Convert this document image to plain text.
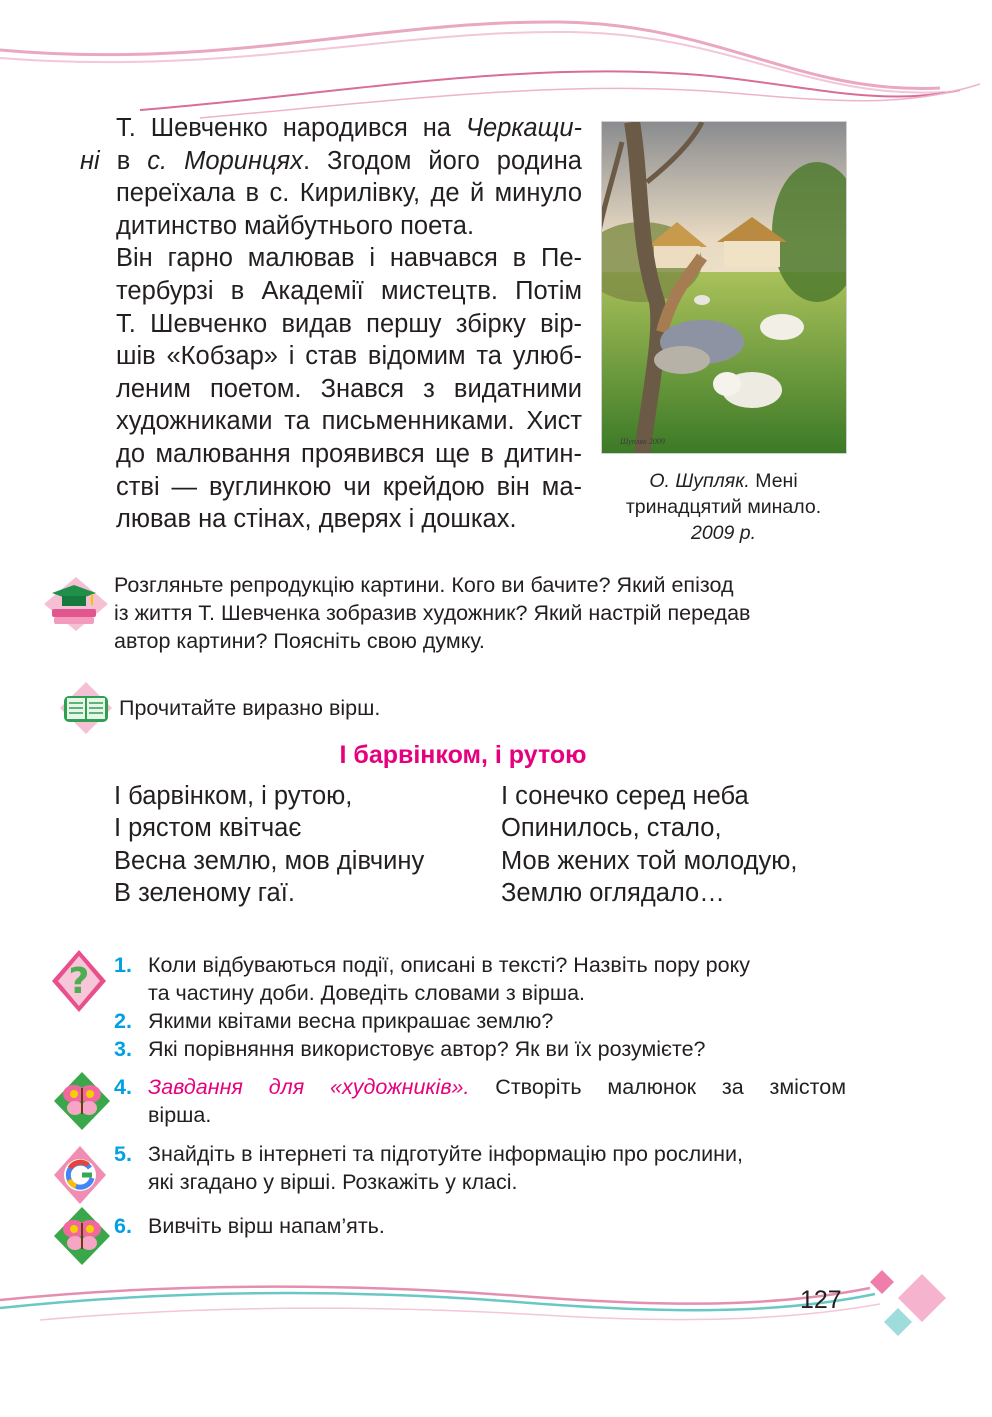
Т. Шевченко народився на Черкащи-
ні в с. Моринцях. Згодом його родина
переїхала в с. Кирилівку, де й минуло
дитинство майбутнього поета.

Він гарно малював і навчався в Пе-
тербурзі в Академії мистецтв. Потім
Т. Шевченко видав першу збірку вір-
шів «Кобзар» і став відомим та улюб-
леним поетом. Знався з видатними
художниками та письменниками. Хист
до малювання проявився ще в дитин-
стві — вуглинкою чи крейдою він ма-
лював на стінах, дверях і дошках.

Шупляк 2009
О. Шупляк. Мені
тринадцятий минало.
2009 р.
Розгляньте репродукцію картини. Кого ви бачите? Який епізод
із життя Т. Шевченка зобразив художник? Який настрій передав
автор картини? Поясніть свою думку.
Прочитайте виразно вірш.
І барвінком, і рутою
І барвінком, і рутою,
І рястом квітчає
Весна землю, мов дівчину
В зеленому гаї.
І сонечко серед неба
Опинилось, стало,
Мов жених той молодую,
Землю оглядало…
? 1. Коли відбуваються події, описані в тексті? Назвіть пору року
та частину доби. Доведіть словами з вірша.
2. Якими квітами весна прикрашає землю?
3. Які порівняння використовує автор? Як ви їх розумієте?
4. Завдання для «художників». Створіть малюнок за змістом
вірша.
5. Знайдіть в інтернеті та підготуйте інформацію про рослини,
які згадано у вірші. Розкажіть у класі.
6. Вивчіть вірш напам’ять.
127
